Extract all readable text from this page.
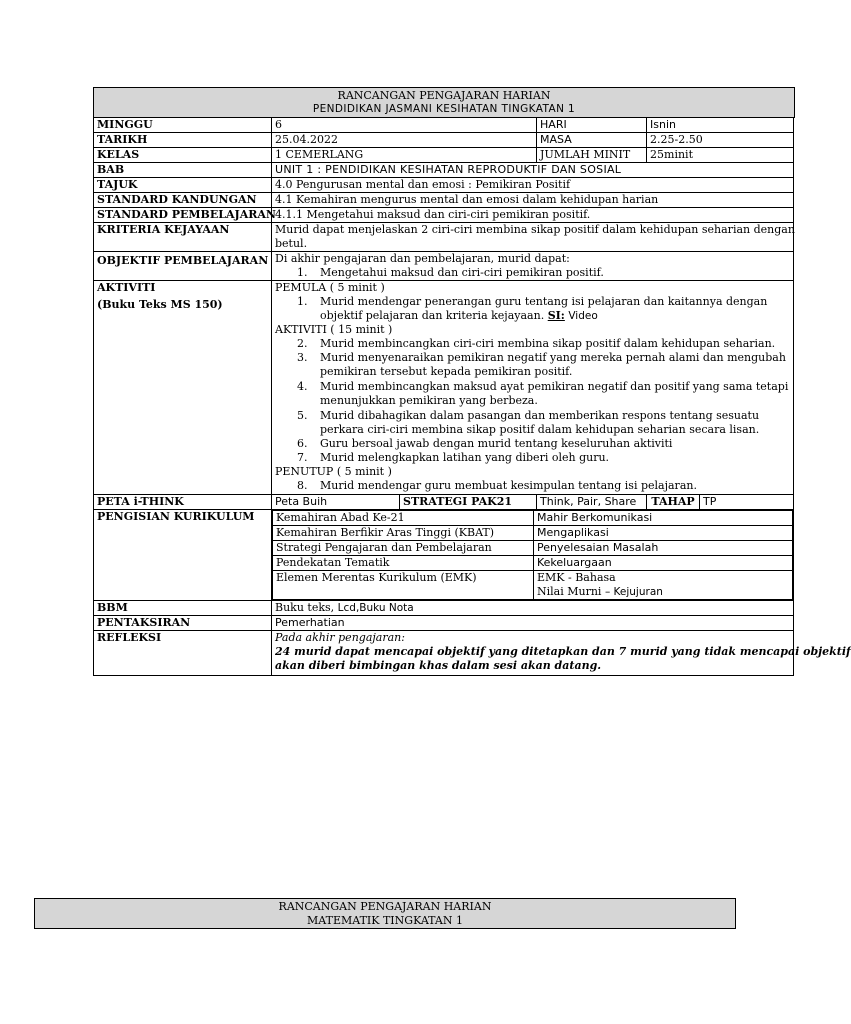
RANCANGAN PENGAJARAN HARIAN
PENDIDIKAN JASMANI KESIHATAN TINGKATAN 1
MINGGU	6	HARI	Isnin
TARIKH	25.04.2022	MASA	2.25-2.50
KELAS	1 CEMERLANG	JUMLAH MINIT	25minit
BAB	UNIT 1 : PENDIDIKAN KESIHATAN REPRODUKTIF DAN SOSIAL
TAJUK	4.0 Pengurusan mental dan emosi : Pemikiran Positif
STANDARD KANDUNGAN	4.1 Kemahiran mengurus mental dan emosi dalam kehidupan harian
STANDARD PEMBELAJARAN	4.1.1 Mengetahui maksud dan ciri-ciri pemikiran positif.
KRITERIA KEJAYAAN	Murid dapat menjelaskan 2 ciri-ciri membina sikap positif dalam kehidupan seharian dengan
betul.

OBJEKTIF PEMBELAJARAN	Di akhir pengajaran dan pembelajaran, murid dapat:
1. Mengetahui maksud dan ciri-ciri pemikiran positif.

AKTIVITI
(Buku Teks MS 150)

PEMULA ( 5 minit )
1. Murid mendengar penerangan guru tentang isi pelajaran dan kaitannya dengan
objektif pelajaran dan kriteria kejayaan. SI: Video
AKTIVITI ( 15 minit )
2. Murid membincangkan ciri-ciri membina sikap positif dalam kehidupan seharian.
3. Murid menyenaraikan pemikiran negatif yang mereka pernah alami dan mengubah
pemikiran tersebut kepada pemikiran positif.
4. Murid membincangkan maksud ayat pemikiran negatif dan positif yang sama tetapi
menunjukkan pemikiran yang berbeza.
5. Murid dibahagikan dalam pasangan dan memberikan respons tentang sesuatu
perkara ciri-ciri membina sikap positif dalam kehidupan seharian secara lisan.
6. Guru bersoal jawab dengan murid tentang keseluruhan aktiviti
7. Murid melengkapkan latihan yang diberi oleh guru.
PENUTUP ( 5 minit )
8. Murid mendengar guru membuat kesimpulan tentang isi pelajaran.

PETA i-THINK	Peta Buih	STRATEGI PAK21	Think, Pair, Share	TAHAP	TP
PENGISIAN KURIKULUM	Kemahiran Abad Ke-21	Mahir Berkomunikasi
Kemahiran Berfikir Aras Tinggi (KBAT)	Mengaplikasi
Strategi Pengajaran dan Pembelajaran	Penyelesaian Masalah
Pendekatan Tematik	Kekeluargaan
Elemen Merentas Kurikulum (EMK)	EMK - Bahasa
Nilai Murni – Kejujuran

BBM	Buku teks, Lcd,Buku Nota
PENTAKSIRAN	Pemerhatian
REFLEKSI	Pada akhir pengajaran:
24 murid dapat mencapai objektif yang ditetapkan dan 7 murid yang tidak mencapai objektif
akan diberi bimbingan khas dalam sesi akan datang.
RANCANGAN PENGAJARAN HARIAN
MATEMATIK TINGKATAN 1
